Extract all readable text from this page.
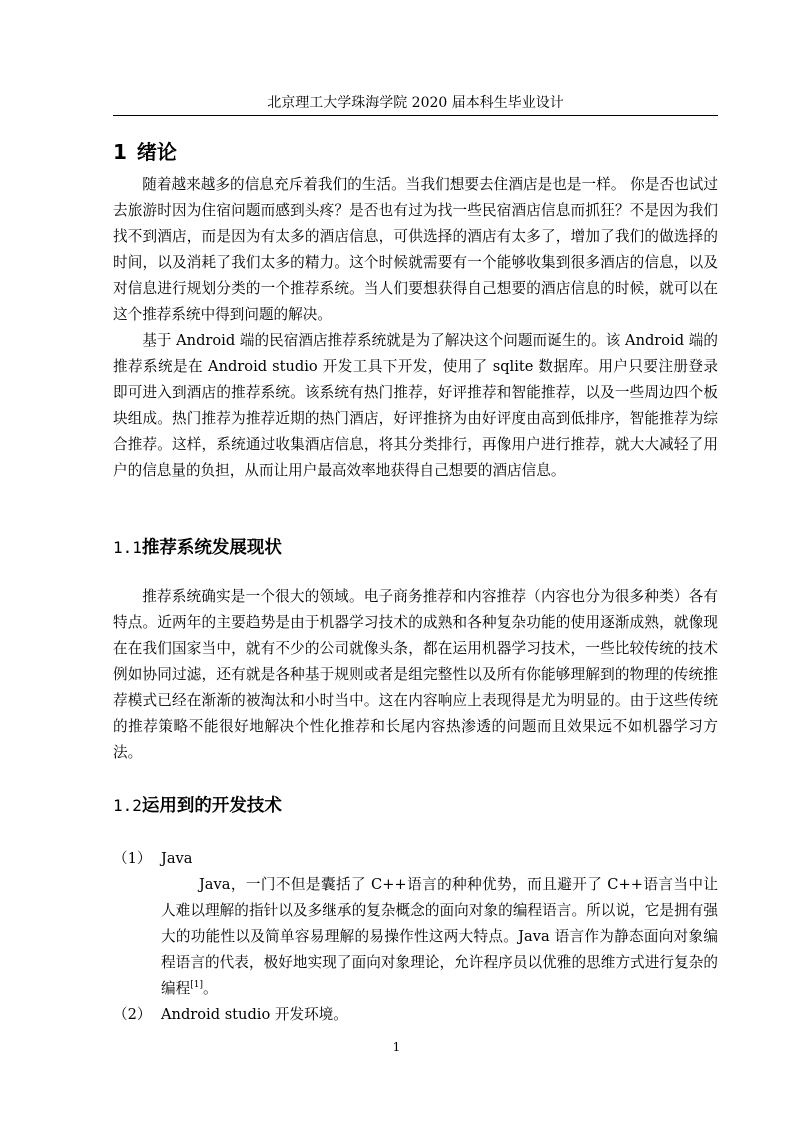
北京理工大学珠海学院 2020 届本科生毕业设计
1 绪论

随着越来越多的信息充斥着我们的生活。当我们想要去住酒店是也是一样。 你是否也试过去旅游时因为住宿问题而感到头疼？是否也有过为找一些民宿酒店信息而抓狂？不是因为我们找不到酒店，而是因为有太多的酒店信息，可供选择的酒店有太多了，增加了我们的做选择的时间，以及消耗了我们太多的精力。这个时候就需要有一个能够收集到很多酒店的信息，以及对信息进行规划分类的一个推荐系统。当人们要想获得自己想要的酒店信息的时候，就可以在这个推荐系统中得到问题的解决。

基于 Android 端的民宿酒店推荐系统就是为了解决这个问题而诞生的。该 Android 端的推荐系统是在 Android studio 开发工具下开发，使用了 sqlite 数据库。用户只要注册登录即可进入到酒店的推荐系统。该系统有热门推荐，好评推荐和智能推荐，以及一些周边四个板块组成。热门推荐为推荐近期的热门酒店，好评推挤为由好评度由高到低排序，智能推荐为综合推荐。这样，系统通过收集酒店信息，将其分类排行，再像用户进行推荐，就大大减轻了用户的信息量的负担，从而让用户最高效率地获得自己想要的酒店信息。

1.1推荐系统发展现状

推荐系统确实是一个很大的领域。电子商务推荐和内容推荐（内容也分为很多种类）各有特点。近两年的主要趋势是由于机器学习技术的成熟和各种复杂功能的使用逐渐成熟，就像现在在我们国家当中，就有不少的公司就像头条，都在运用机器学习技术，一些比较传统的技术例如协同过滤，还有就是各种基于规则或者是组完整性以及所有你能够理解到的物理的传统推荐模式已经在渐渐的被淘汰和小时当中。这在内容响应上表现得是尤为明显的。由于这些传统的推荐策略不能很好地解决个性化推荐和长尾内容热渗透的问题而且效果远不如机器学习方法。

1.2运用到的开发技术
（1） Java

Java，一门不但是囊括了 C++语言的种种优势，而且避开了 C++语言当中让人难以理解的指针以及多继承的复杂概念的面向对象的编程语言。所以说，它是拥有强大的功能性以及简单容易理解的易操作性这两大特点。Java 语言作为静态面向对象编程语言的代表，极好地实现了面向对象理论，允许程序员以优雅的思维方式进行复杂的编程[1]。

（2） Android studio 开发环境。
1
